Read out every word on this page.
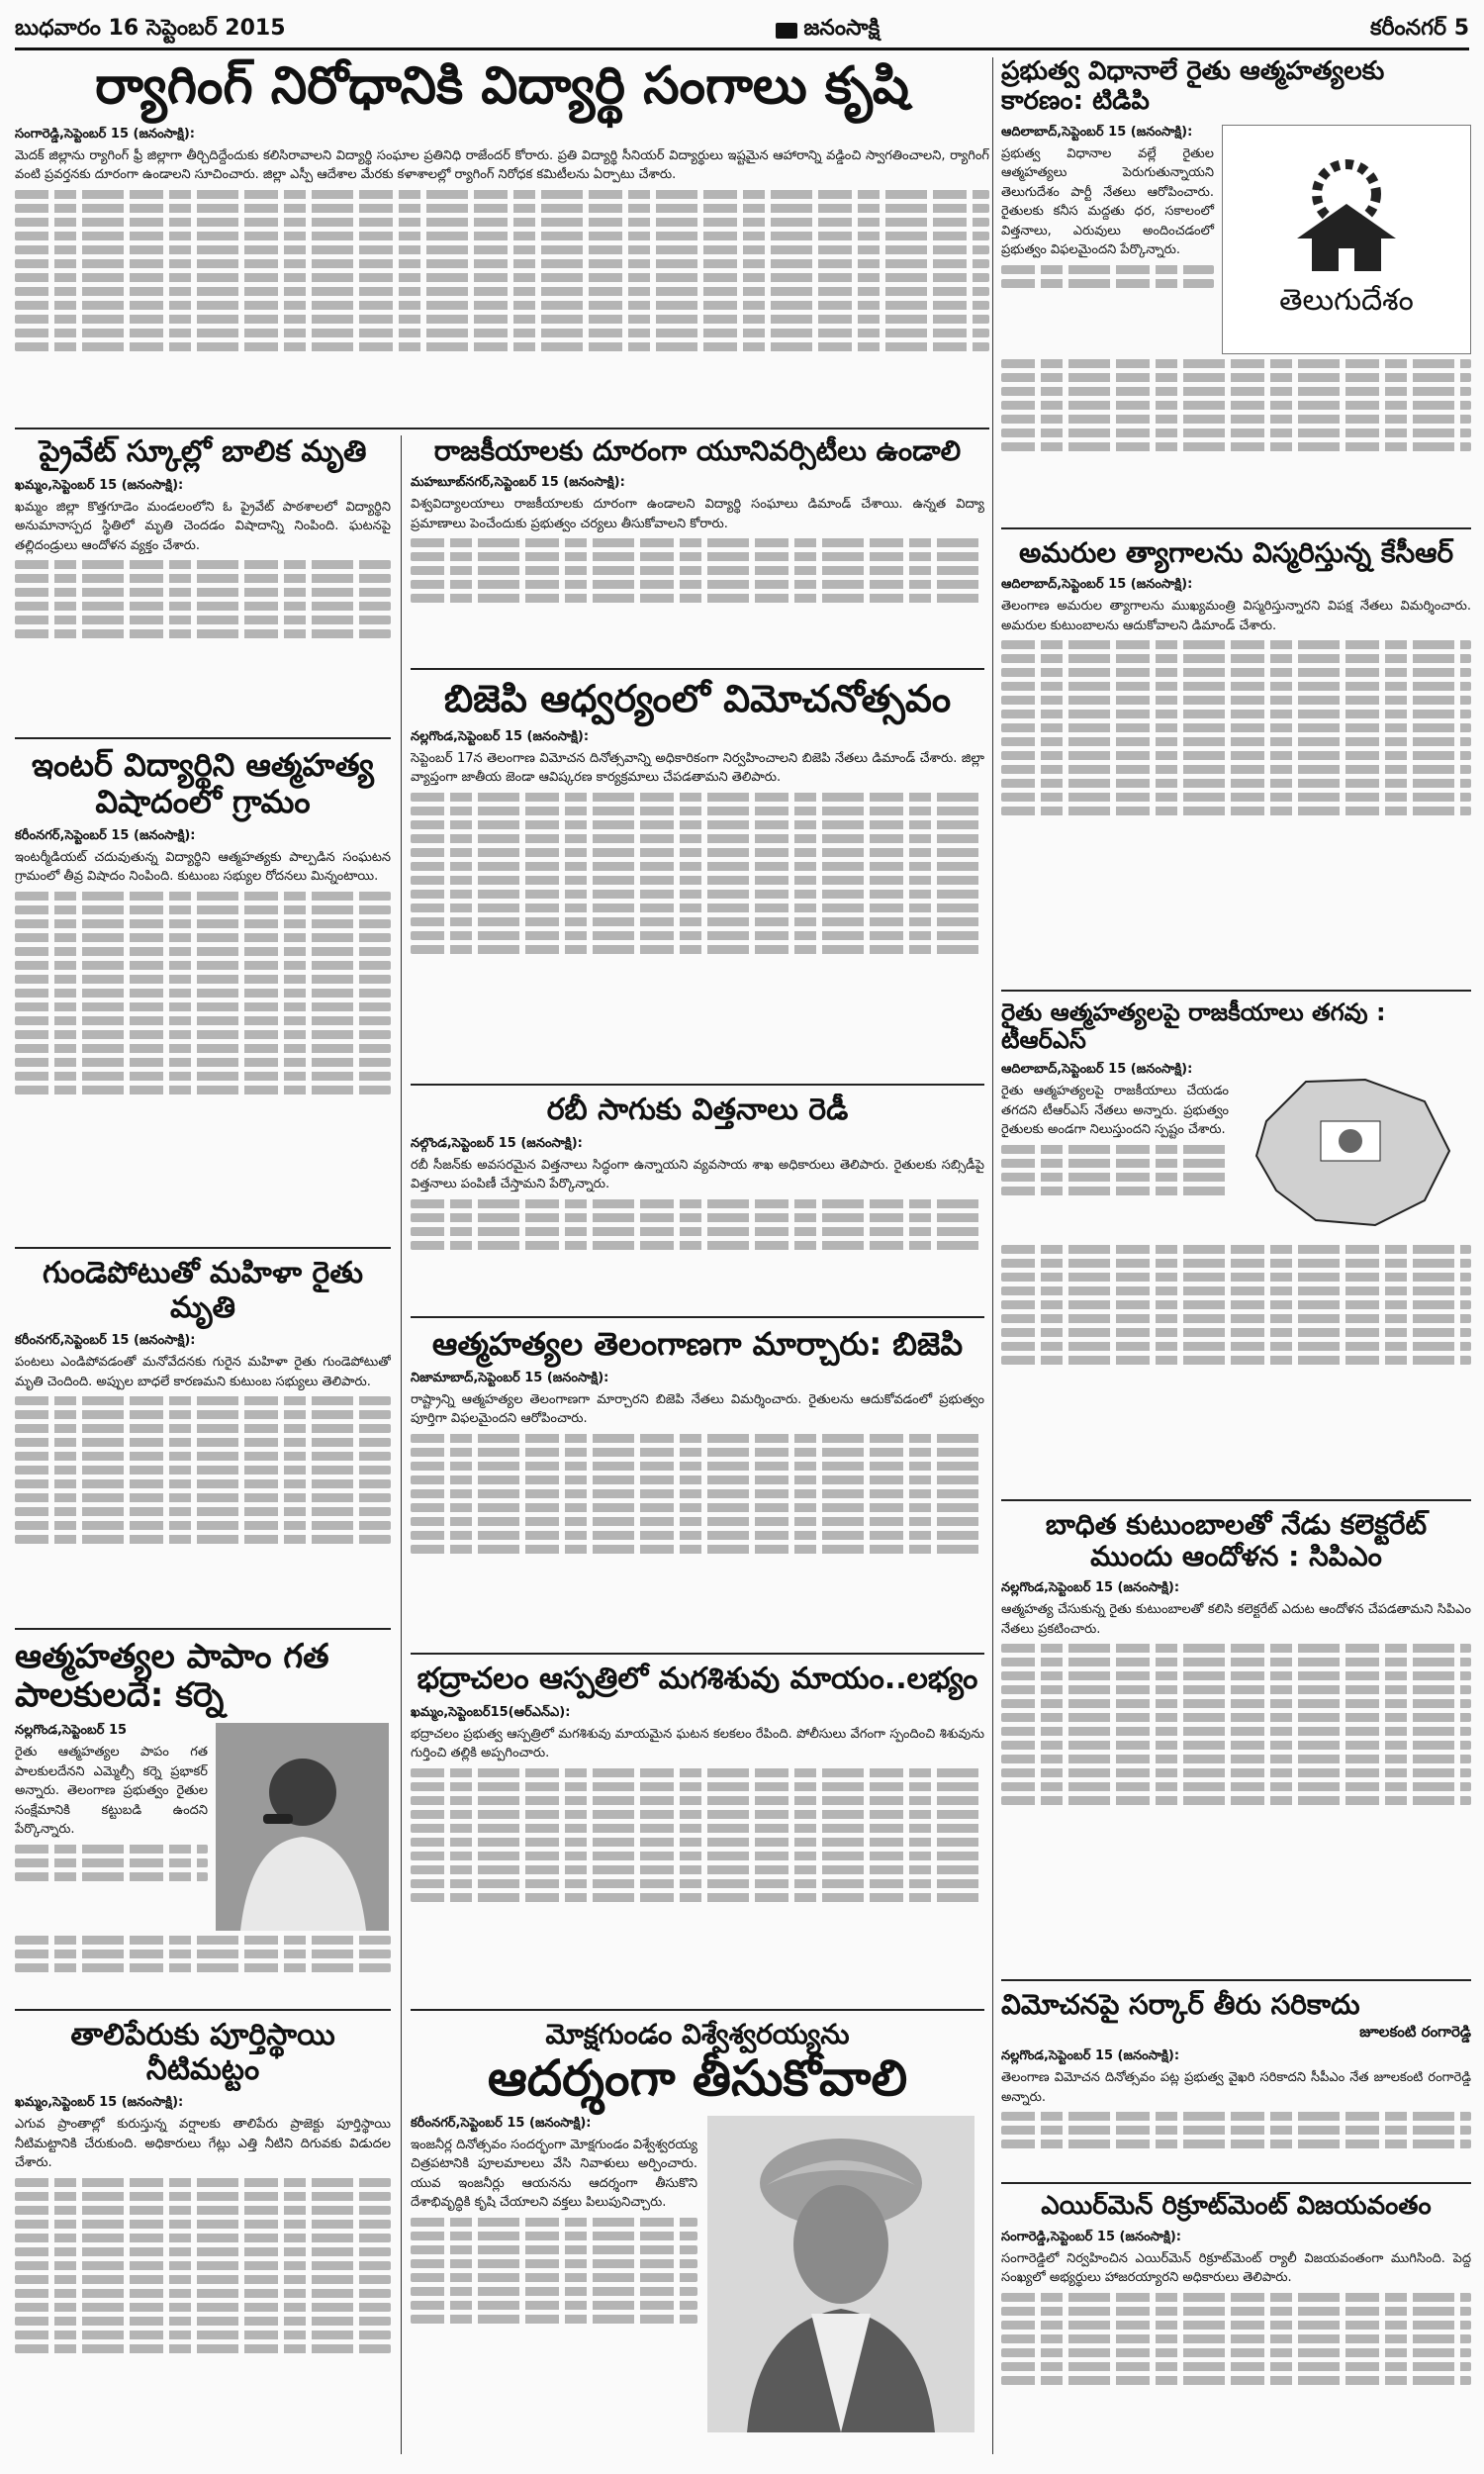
బుధవారం 16 సెప్టెంబర్ 2015	జనంసాక్షి	కరీంనగర్ 5
ర్యాగింగ్ నిరోధానికి విద్యార్థి సంగాలు కృషి
సంగారెడ్డి,సెప్టెంబర్ 15 (జనంసాక్షి):

మెదక్ జిల్లాను ర్యాగింగ్ ఫ్రీ జిల్లాగా తీర్చిదిద్దేందుకు కలిసిరావాలని విద్యార్థి సంఘాల ప్రతినిధి రాజేందర్ కోరారు. ప్రతి విద్యార్థి సీనియర్ విద్యార్థులు ఇష్టమైన ఆహారాన్ని వడ్డించి స్వాగతించాలని, ర్యాగింగ్ వంటి ప్రవర్తనకు దూరంగా ఉండాలని సూచించారు. జిల్లా ఎస్పీ ఆదేశాల మేరకు కళాశాలల్లో ర్యాగింగ్ నిరోధక కమిటీలను ఏర్పాటు చేశారు.

ప్రైవేట్ స్కూల్లో బాలిక మృతి
ఖమ్మం,సెప్టెంబర్ 15 (జనంసాక్షి):

ఖమ్మం జిల్లా కొత్తగూడెం మండలంలోని ఓ ప్రైవేట్ పాఠశాలలో విద్యార్థిని అనుమానాస్పద స్థితిలో మృతి చెందడం విషాదాన్ని నింపింది. ఘటనపై తల్లిదండ్రులు ఆందోళన వ్యక్తం చేశారు.

ఇంటర్ విద్యార్థిని ఆత్మహత్య విషాదంలో గ్రామం
కరీంనగర్,సెప్టెంబర్ 15 (జనంసాక్షి):

ఇంటర్మీడియట్ చదువుతున్న విద్యార్థిని ఆత్మహత్యకు పాల్పడిన సంఘటన గ్రామంలో తీవ్ర విషాదం నింపింది. కుటుంబ సభ్యుల రోదనలు మిన్నంటాయి.

గుండెపోటుతో మహిళా రైతు మృతి
కరీంనగర్,సెప్టెంబర్ 15 (జనంసాక్షి):

పంటలు ఎండిపోవడంతో మనోవేదనకు గురైన మహిళా రైతు గుండెపోటుతో మృతి చెందింది. అప్పుల బాధలే కారణమని కుటుంబ సభ్యులు తెలిపారు.

ఆత్మహత్యల పాపాం గత పాలకులదే: కర్నె
నల్లగొండ,సెప్టెంబర్ 15

రైతు ఆత్మహత్యల పాపం గత పాలకులదేనని ఎమ్మెల్సీ కర్నె ప్రభాకర్ అన్నారు. తెలంగాణ ప్రభుత్వం రైతుల సంక్షేమానికి కట్టుబడి ఉందని పేర్కొన్నారు.

తాలిపేరుకు పూర్తిస్థాయి నీటిమట్టం
ఖమ్మం,సెప్టెంబర్ 15 (జనంసాక్షి):

ఎగువ ప్రాంతాల్లో కురుస్తున్న వర్షాలకు తాలిపేరు ప్రాజెక్టు పూర్తిస్థాయి నీటిమట్టానికి చేరుకుంది. అధికారులు గేట్లు ఎత్తి నీటిని దిగువకు విడుదల చేశారు.

రాజకీయాలకు దూరంగా యూనివర్సిటీలు ఉండాలి
మహబూబ్‌నగర్,సెప్టెంబర్ 15 (జనంసాక్షి):

విశ్వవిద్యాలయాలు రాజకీయాలకు దూరంగా ఉండాలని విద్యార్థి సంఘాలు డిమాండ్ చేశాయి. ఉన్నత విద్యా ప్రమాణాలు పెంచేందుకు ప్రభుత్వం చర్యలు తీసుకోవాలని కోరారు.

బిజెపి ఆధ్వర్యంలో విమోచనోత్సవం
నల్లగొండ,సెప్టెంబర్ 15 (జనంసాక్షి):

సెప్టెంబర్ 17న తెలంగాణ విమోచన దినోత్సవాన్ని అధికారికంగా నిర్వహించాలని బిజెపి నేతలు డిమాండ్ చేశారు. జిల్లా వ్యాప్తంగా జాతీయ జెండా ఆవిష్కరణ కార్యక్రమాలు చేపడతామని తెలిపారు.

రబీ సాగుకు విత్తనాలు రెడీ
నల్గొండ,సెప్టెంబర్ 15 (జనంసాక్షి):

రబీ సీజన్‌కు అవసరమైన విత్తనాలు సిద్ధంగా ఉన్నాయని వ్యవసాయ శాఖ అధికారులు తెలిపారు. రైతులకు సబ్సిడీపై విత్తనాలు పంపిణీ చేస్తామని పేర్కొన్నారు.

ఆత్మహత్యల తెలంగాణగా మార్చారు: బిజెపి
నిజామాబాద్,సెప్టెంబర్ 15 (జనంసాక్షి):

రాష్ట్రాన్ని ఆత్మహత్యల తెలంగాణగా మార్చారని బిజెపి నేతలు విమర్శించారు. రైతులను ఆదుకోవడంలో ప్రభుత్వం పూర్తిగా విఫలమైందని ఆరోపించారు.

భద్రాచలం ఆస్పత్రిలో మగశిశువు మాయం..లభ్యం
ఖమ్మం,సెప్టెంబర్15(ఆర్‌ఎన్‌ఎ):

భద్రాచలం ప్రభుత్వ ఆస్పత్రిలో మగశిశువు మాయమైన ఘటన కలకలం రేపింది. పోలీసులు వేగంగా స్పందించి శిశువును గుర్తించి తల్లికి అప్పగించారు.

మోక్షగుండం విశ్వేశ్వరయ్యను
ఆదర్శంగా తీసుకోవాలి
కరీంనగర్,సెప్టెంబర్ 15 (జనంసాక్షి):

ఇంజనీర్ల దినోత్సవం సందర్భంగా మోక్షగుండం విశ్వేశ్వరయ్య చిత్రపటానికి పూలమాలలు వేసి నివాళులు అర్పించారు. యువ ఇంజనీర్లు ఆయనను ఆదర్శంగా తీసుకొని దేశాభివృద్ధికి కృషి చేయాలని వక్తలు పిలుపునిచ్చారు.

ప్రభుత్వ విధానాలే రైతు ఆత్మహత్యలకు కారణం: టిడిపి
ఆదిలాబాద్,సెప్టెంబర్ 15 (జనంసాక్షి):

ప్రభుత్వ విధానాల వల్లే రైతుల ఆత్మహత్యలు పెరుగుతున్నాయని తెలుగుదేశం పార్టీ నేతలు ఆరోపించారు. రైతులకు కనీస మద్దతు ధర, సకాలంలో విత్తనాలు, ఎరువులు అందించడంలో ప్రభుత్వం విఫలమైందని పేర్కొన్నారు.

తెలుగుదేశం
అమరుల త్యాగాలను విస్మరిస్తున్న కేసీఆర్
ఆదిలాబాద్,సెప్టెంబర్ 15 (జనంసాక్షి):

తెలంగాణ అమరుల త్యాగాలను ముఖ్యమంత్రి విస్మరిస్తున్నారని విపక్ష నేతలు విమర్శించారు. అమరుల కుటుంబాలను ఆదుకోవాలని డిమాండ్ చేశారు.

రైతు ఆత్మహత్యలపై రాజకీయాలు తగవు : టీఆర్ఎస్
ఆదిలాబాద్,సెప్టెంబర్ 15 (జనంసాక్షి):

రైతు ఆత్మహత్యలపై రాజకీయాలు చేయడం తగదని టీఆర్ఎస్ నేతలు అన్నారు. ప్రభుత్వం రైతులకు అండగా నిలుస్తుందని స్పష్టం చేశారు.

బాధిత కుటుంబాలతో నేడు కలెక్టరేట్ ముందు ఆందోళన : సిపిఎం
నల్లగొండ,సెప్టెంబర్ 15 (జనంసాక్షి):

ఆత్మహత్య చేసుకున్న రైతు కుటుంబాలతో కలిసి కలెక్టరేట్ ఎదుట ఆందోళన చేపడతామని సిపిఎం నేతలు ప్రకటించారు.

విమోచనపై సర్కార్ తీరు సరికాదు
జూలకంటి రంగారెడ్డి
నల్లగొండ,సెప్టెంబర్ 15 (జనంసాక్షి):

తెలంగాణ విమోచన దినోత్సవం పట్ల ప్రభుత్వ వైఖరి సరికాదని సీపీఎం నేత జూలకంటి రంగారెడ్డి అన్నారు.

ఎయిర్‌మెన్ రిక్రూట్‌మెంట్ విజయవంతం
సంగారెడ్డి,సెప్టెంబర్ 15 (జనంసాక్షి):

సంగారెడ్డిలో నిర్వహించిన ఎయిర్‌మెన్ రిక్రూట్‌మెంట్ ర్యాలీ విజయవంతంగా ముగిసింది. పెద్ద సంఖ్యలో అభ్యర్థులు హాజరయ్యారని అధికారులు తెలిపారు.
